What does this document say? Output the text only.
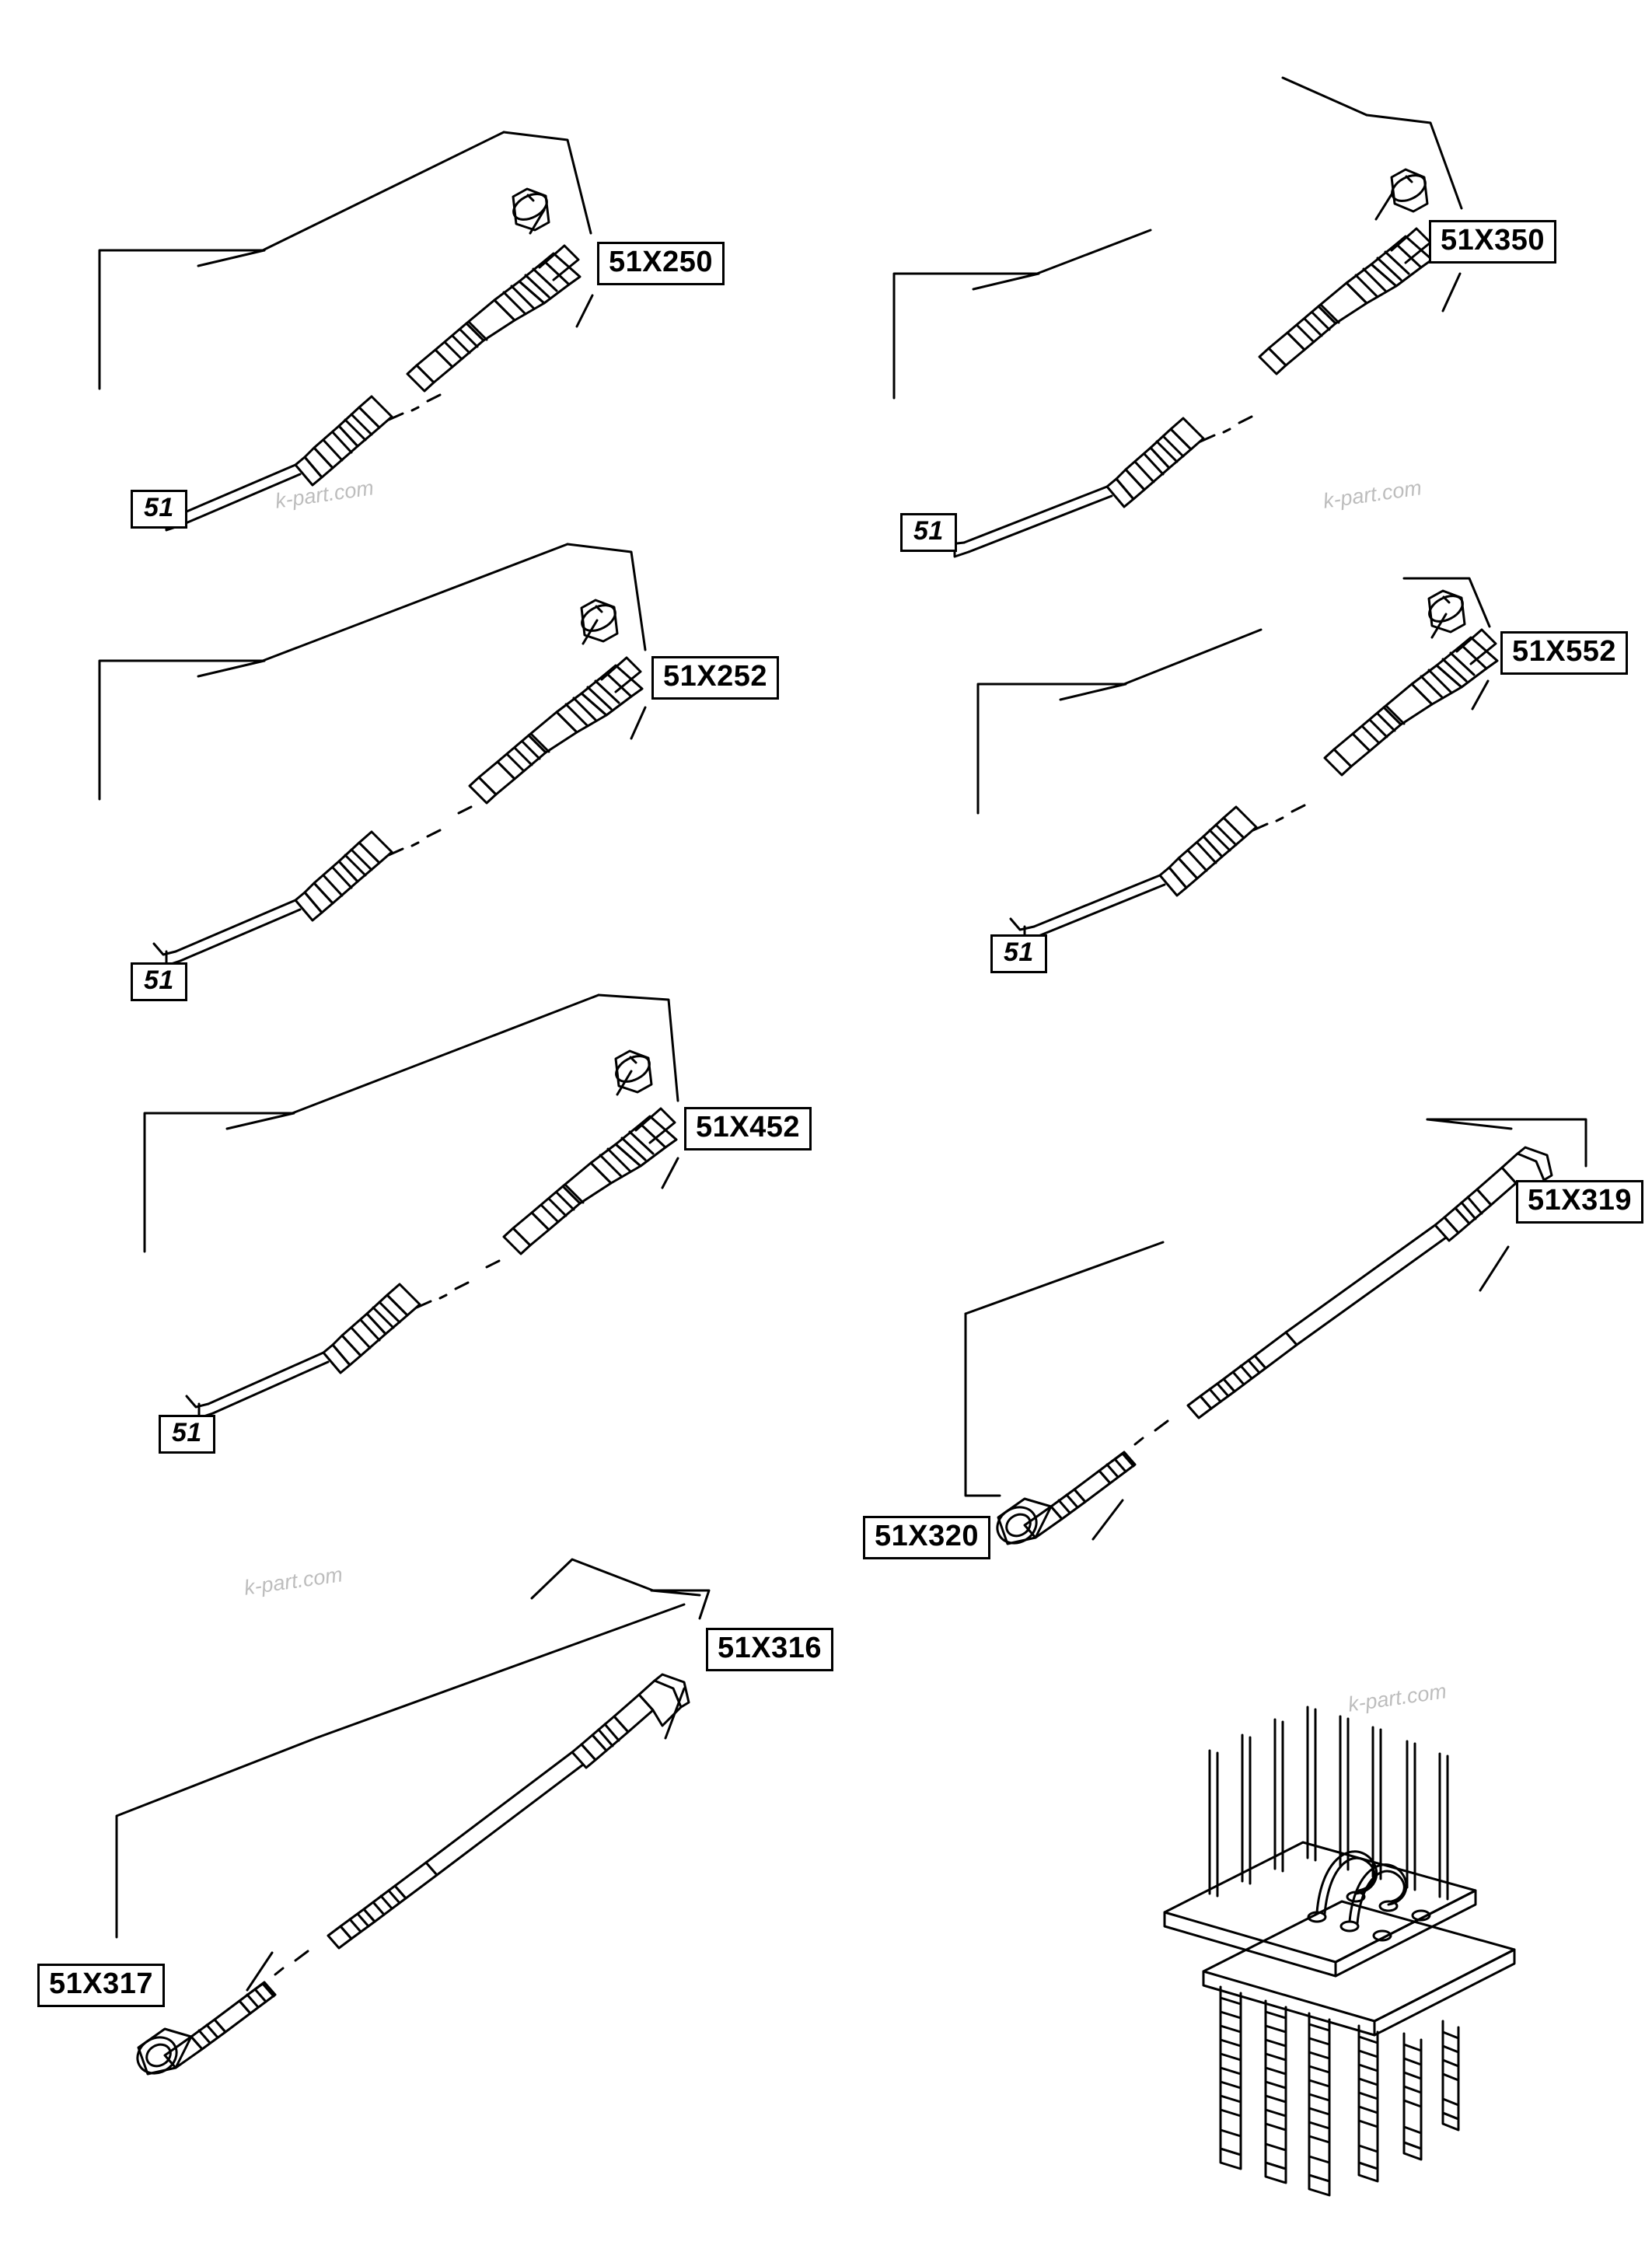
51X250
51
51X350
51
51X252
51
51X552
51
51X452
51
51X319
51X320
51X316
51X317
k-part.com	k-part.com
k-part.com
k-part.com
